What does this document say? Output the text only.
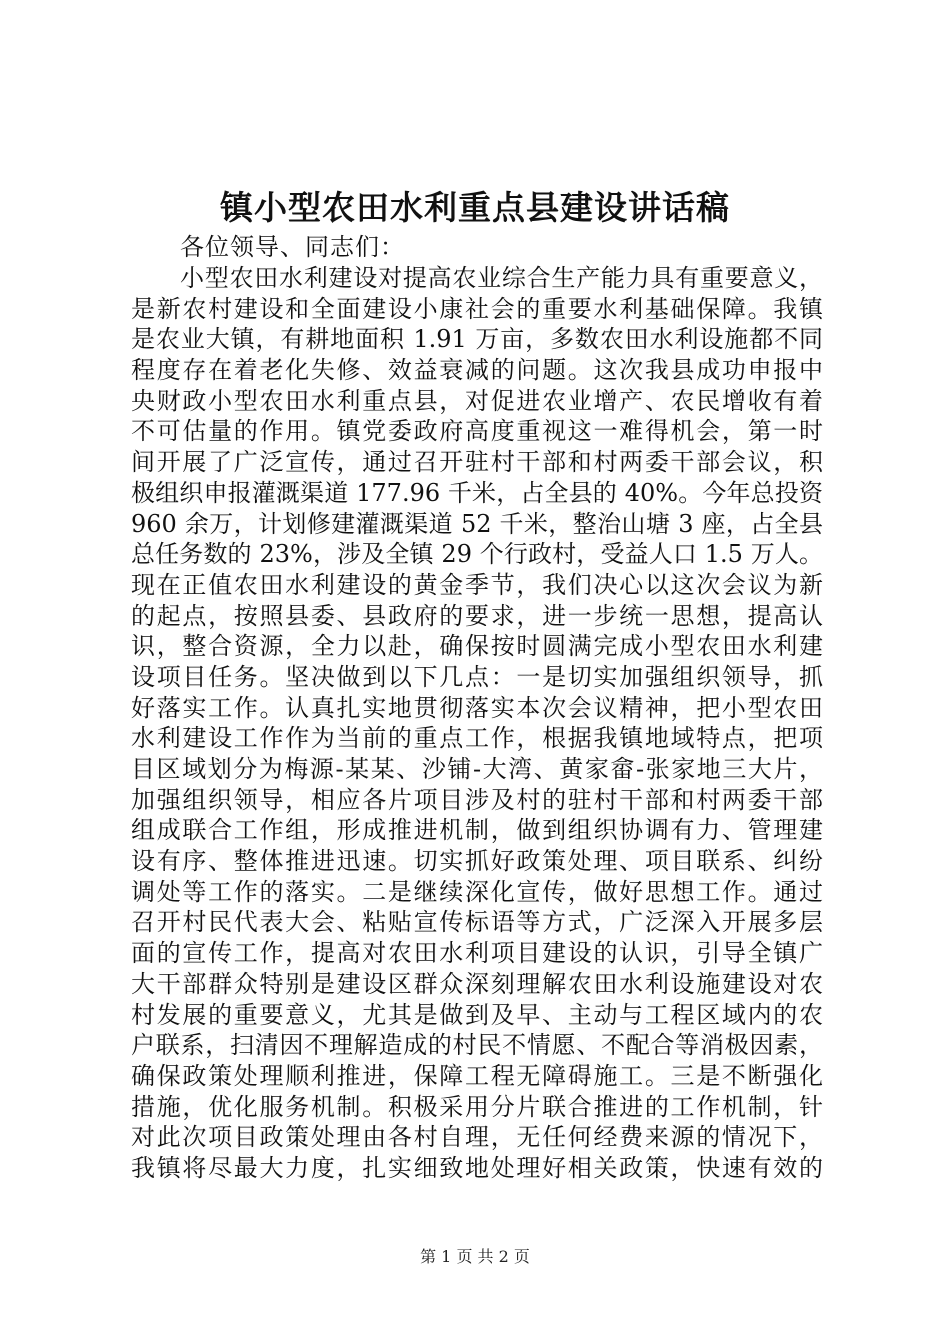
镇小型农田水利重点县建设讲话稿

各位领导、同志们：

小型农田水利建设对提高农业综合生产能力具有重要意义，
是新农村建设和全面建设小康社会的重要水利基础保障。我镇
是农业大镇，有耕地面积 1.91 万亩，多数农田水利设施都不同
程度存在着老化失修、效益衰减的问题。这次我县成功申报中
央财政小型农田水利重点县，对促进农业增产、农民增收有着
不可估量的作用。镇党委政府高度重视这一难得机会，第一时
间开展了广泛宣传，通过召开驻村干部和村两委干部会议，积
极组织申报灌溉渠道 177.96 千米，占全县的 40%。今年总投资
960 余万，计划修建灌溉渠道 52 千米，整治山塘 3 座，占全县
总任务数的 23%，涉及全镇 29 个行政村，受益人口 1.5 万人。
现在正值农田水利建设的黄金季节，我们决心以这次会议为新
的起点，按照县委、县政府的要求，进一步统一思想，提高认
识，整合资源，全力以赴，确保按时圆满完成小型农田水利建
设项目任务。坚决做到以下几点：一是切实加强组织领导，抓
好落实工作。认真扎实地贯彻落实本次会议精神，把小型农田
水利建设工作作为当前的重点工作，根据我镇地域特点，把项
目区域划分为梅源-某某、沙铺-大湾、黄家畲-张家地三大片，
加强组织领导，相应各片项目涉及村的驻村干部和村两委干部
组成联合工作组，形成推进机制，做到组织协调有力、管理建
设有序、整体推进迅速。切实抓好政策处理、项目联系、纠纷
调处等工作的落实。二是继续深化宣传，做好思想工作。通过
召开村民代表大会、粘贴宣传标语等方式，广泛深入开展多层
面的宣传工作，提高对农田水利项目建设的认识，引导全镇广
大干部群众特别是建设区群众深刻理解农田水利设施建设对农
村发展的重要意义，尤其是做到及早、主动与工程区域内的农
户联系，扫清因不理解造成的村民不情愿、不配合等消极因素，
确保政策处理顺利推进，保障工程无障碍施工。三是不断强化
措施，优化服务机制。积极采用分片联合推进的工作机制，针
对此次项目政策处理由各村自理，无任何经费来源的情况下，
我镇将尽最大力度，扎实细致地处理好相关政策，快速有效的

第 1 页 共 2 页
